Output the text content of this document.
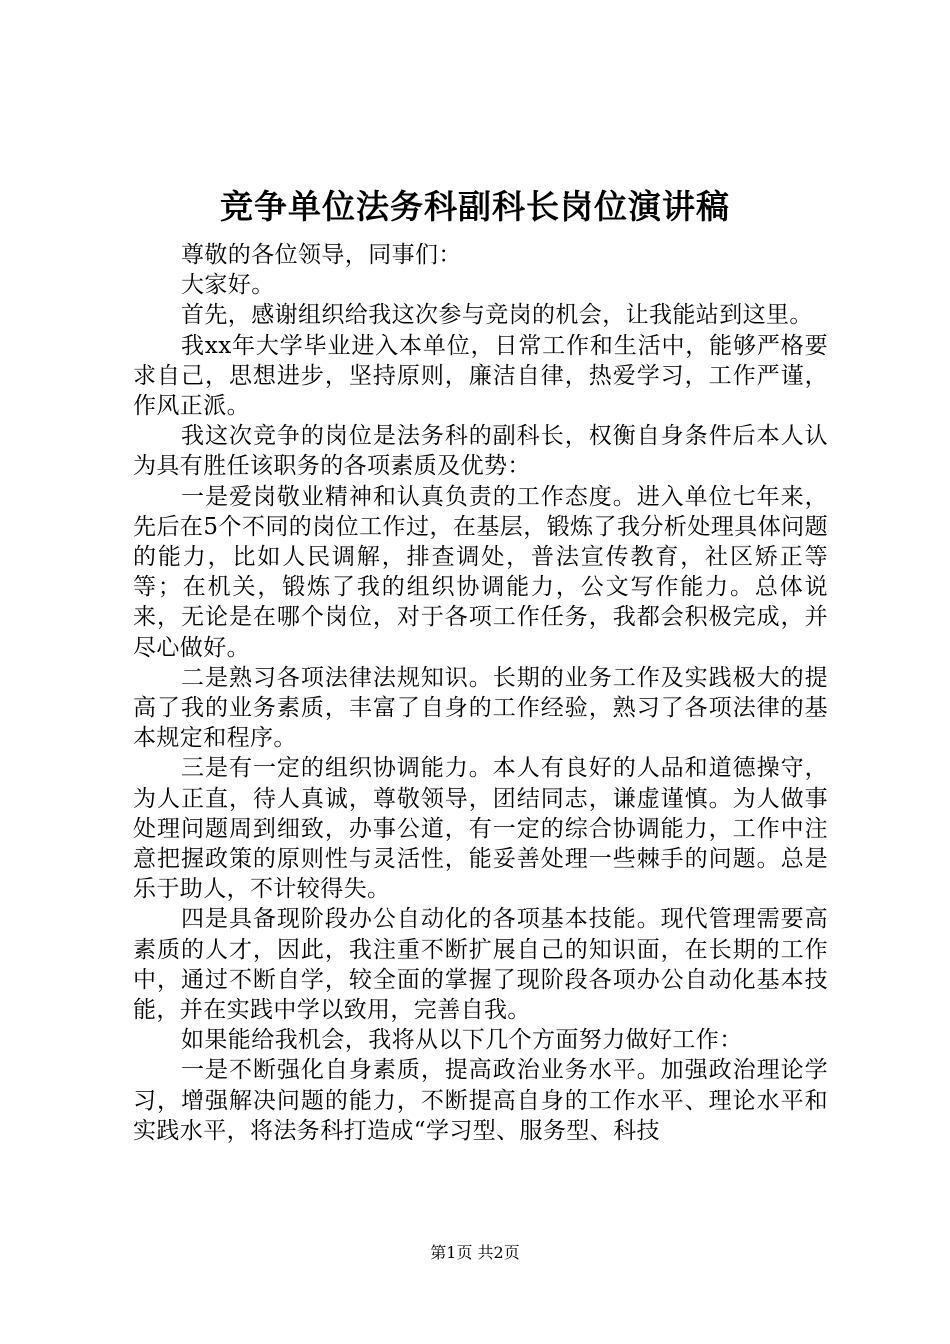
竞争单位法务科副科长岗位演讲稿

尊敬的各位领导，同事们：

大家好。

首先，感谢组织给我这次参与竞岗的机会，让我能站到这里。

我xx年大学毕业进入本单位，日常工作和生活中，能够严格要求自己，思想进步，坚持原则，廉洁自律，热爱学习，工作严谨，作风正派。

我这次竞争的岗位是法务科的副科长，权衡自身条件后本人认为具有胜任该职务的各项素质及优势：

一是爱岗敬业精神和认真负责的工作态度。进入单位七年来，先后在5个不同的岗位工作过，在基层，锻炼了我分析处理具体问题的能力，比如人民调解，排查调处，普法宣传教育，社区矫正等等；在机关，锻炼了我的组织协调能力，公文写作能力。总体说来，无论是在哪个岗位，对于各项工作任务，我都会积极完成，并尽心做好。

二是熟习各项法律法规知识。长期的业务工作及实践极大的提高了我的业务素质，丰富了自身的工作经验，熟习了各项法律的基本规定和程序。

三是有一定的组织协调能力。本人有良好的人品和道德操守，为人正直，待人真诚，尊敬领导，团结同志，谦虚谨慎。为人做事处理问题周到细致，办事公道，有一定的综合协调能力，工作中注意把握政策的原则性与灵活性，能妥善处理一些棘手的问题。总是乐于助人，不计较得失。

四是具备现阶段办公自动化的各项基本技能。现代管理需要高素质的人才，因此，我注重不断扩展自己的知识面，在长期的工作中，通过不断自学，较全面的掌握了现阶段各项办公自动化基本技能，并在实践中学以致用，完善自我。

如果能给我机会，我将从以下几个方面努力做好工作：

一是不断强化自身素质，提高政治业务水平。加强政治理论学习，增强解决问题的能力，不断提高自身的工作水平、理论水平和实践水平，将法务科打造成“学习型、服务型、科技

第1页 共2页
